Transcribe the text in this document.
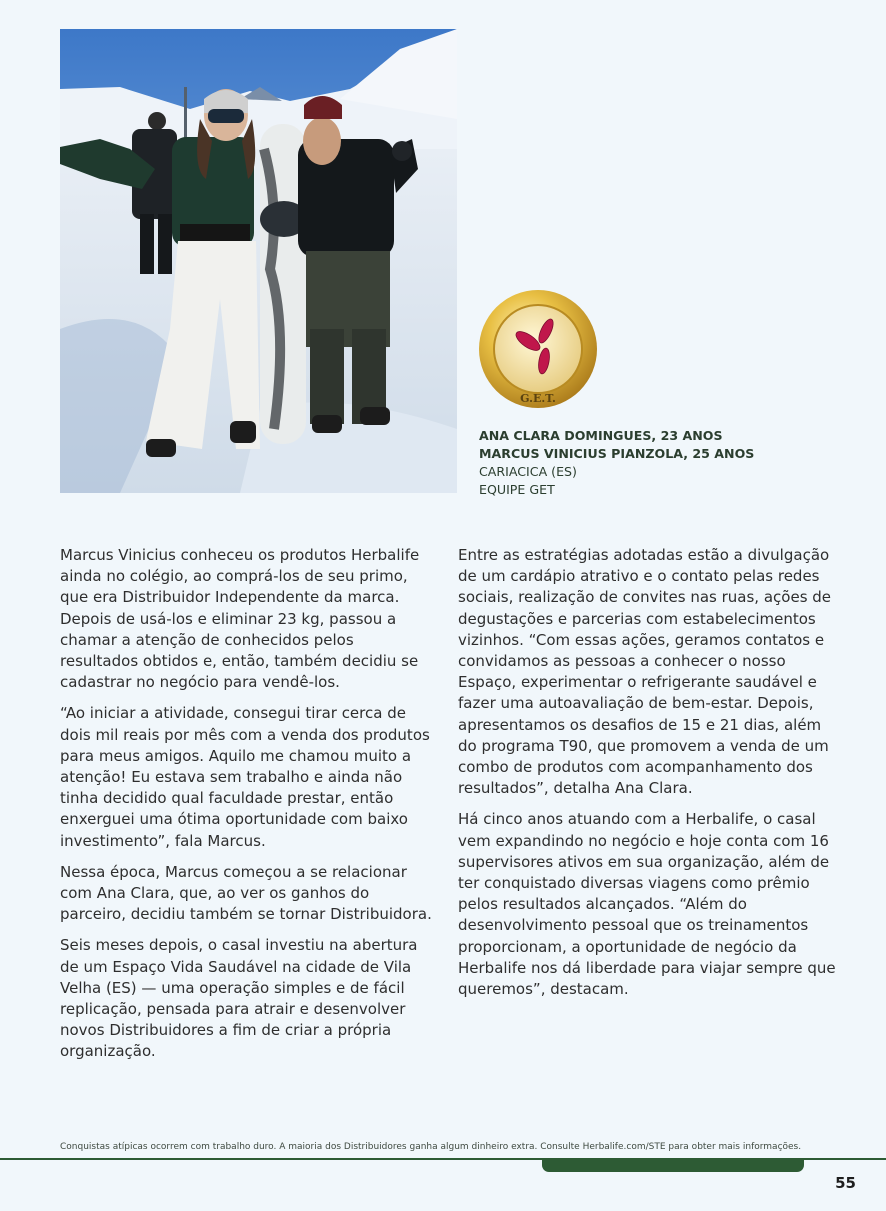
G.E.T.
ANA CLARA DOMINGUES, 23 ANOS
MARCUS VINICIUS PIANZOLA, 25 ANOS
CARIACICA (ES)
EQUIPE GET

Marcus Vinicius conheceu os produtos Herbalife ainda no colégio, ao comprá-los de seu primo, que era Distribuidor Independente da marca. Depois de usá-los e eliminar 23 kg, passou a chamar a atenção de conhecidos pelos resultados obtidos e, então, também decidiu se cadastrar no negócio para vendê-los.

“Ao iniciar a atividade, consegui tirar cerca de dois mil reais por mês com a venda dos produtos para meus amigos. Aquilo me chamou muito a atenção! Eu estava sem trabalho e ainda não tinha decidido qual faculdade prestar, então enxerguei uma ótima oportunidade com baixo investimento”, fala Marcus.

Nessa época, Marcus começou a se relacionar com Ana Clara, que, ao ver os ganhos do parceiro, decidiu também se tornar Distribuidora.

Seis meses depois, o casal investiu na abertura de um Espaço Vida Saudável na cidade de Vila Velha (ES) — uma operação simples e de fácil replicação, pensada para atrair e desenvolver novos Distribuidores a fim de criar a própria organização.

Entre as estratégias adotadas estão a divulgação de um cardápio atrativo e o contato pelas redes sociais, realização de convites nas ruas, ações de degustações e parcerias com estabelecimentos vizinhos. “Com essas ações, geramos contatos e convidamos as pessoas a conhecer o nosso Espaço, experimentar o refrigerante saudável e fazer uma autoavaliação de bem-estar. Depois, apresentamos os desafios de 15 e 21 dias, além do programa T90, que promovem a venda de um combo de produtos com acompanhamento dos resultados”, detalha Ana Clara.

Há cinco anos atuando com a Herbalife, o casal vem expandindo no negócio e hoje conta com 16 supervisores ativos em sua organização, além de ter conquistado diversas viagens como prêmio pelos resultados alcançados. “Além do desenvolvimento pessoal que os treinamentos proporcionam, a oportunidade de negócio da Herbalife nos dá liberdade para viajar sempre que queremos”, destacam.

Conquistas atípicas ocorrem com trabalho duro. A maioria dos Distribuidores ganha algum dinheiro extra. Consulte Herbalife.com/STE para obter mais informações.
55
